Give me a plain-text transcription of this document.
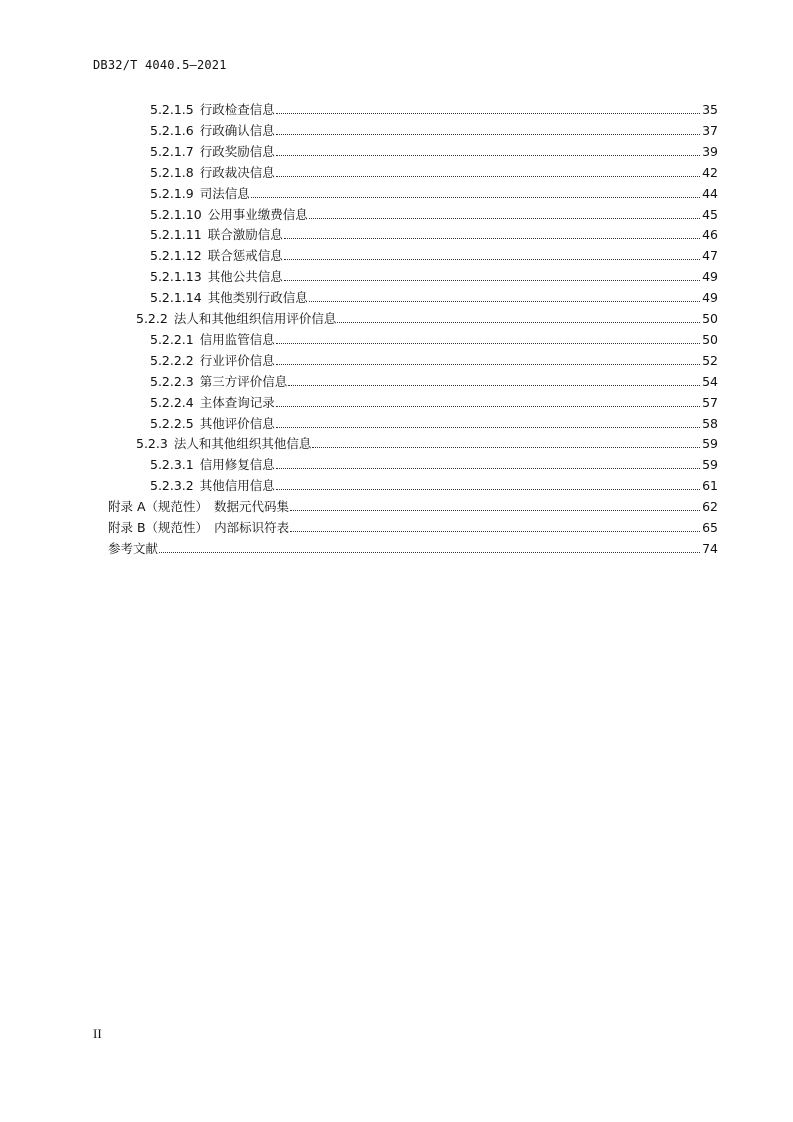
DB32/T 4040.5—2021
5.2.1.5 行政检查信息	35
5.2.1.6 行政确认信息	37
5.2.1.7 行政奖励信息	39
5.2.1.8 行政裁决信息	42
5.2.1.9 司法信息	44
5.2.1.10 公用事业缴费信息	45
5.2.1.11 联合激励信息	46
5.2.1.12 联合惩戒信息	47
5.2.1.13 其他公共信息	49
5.2.1.14 其他类别行政信息	49
5.2.2 法人和其他组织信用评价信息	50
5.2.2.1 信用监管信息	50
5.2.2.2 行业评价信息	52
5.2.2.3 第三方评价信息	54
5.2.2.4 主体查询记录	57
5.2.2.5 其他评价信息	58
5.2.3 法人和其他组织其他信息	59
5.2.3.1 信用修复信息	59
5.2.3.2 其他信用信息	61
附录 A（规范性） 数据元代码集	62
附录 B（规范性） 内部标识符表	65
参考文献	74
II
